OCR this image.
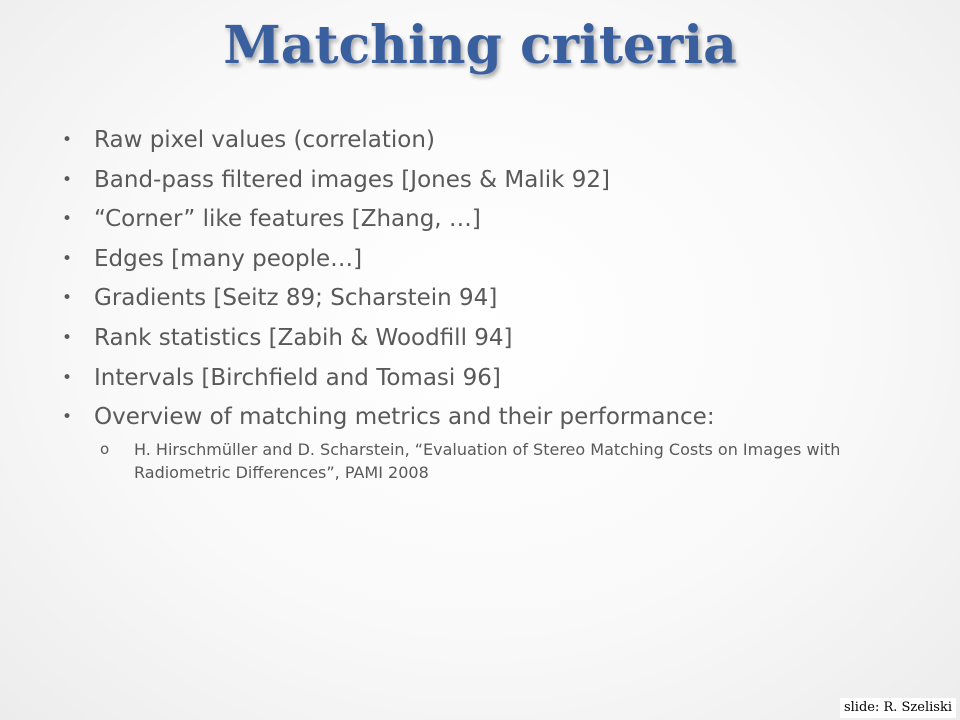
Matching criteria
• Raw pixel values (correlation)
• Band-pass filtered images [Jones & Malik 92]
• “Corner” like features [Zhang, …]
• Edges [many people…]
• Gradients [Seitz 89; Scharstein 94]
• Rank statistics [Zabih & Woodfill 94]
• Intervals [Birchfield and Tomasi 96]
• Overview of matching metrics and their performance:
o H. Hirschmüller and D. Scharstein, “Evaluation of Stereo Matching Costs on Images with Radiometric Differences”, PAMI 2008
slide: R. Szeliski
